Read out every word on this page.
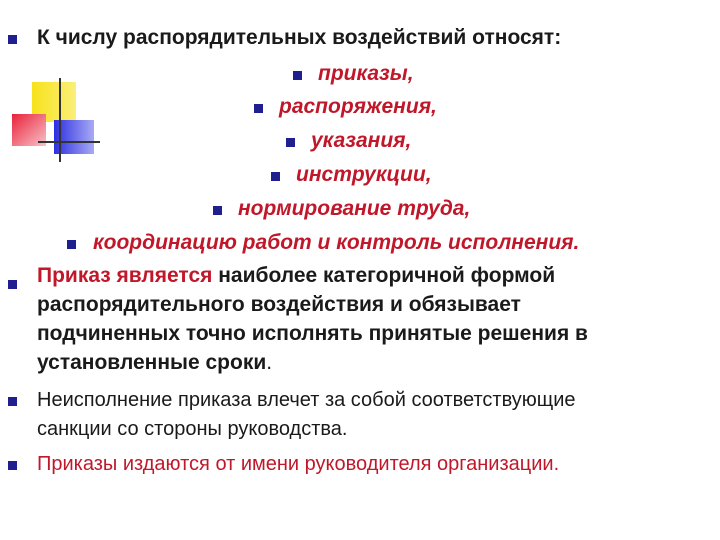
К числу распорядительных воздействий относят:
приказы,
распоряжения,
указания,
инструкции,
нормирование труда,
координацию работ и контроль исполнения.
Приказ является наиболее категоричной формой
распорядительного воздействия и обязывает
подчиненных точно исполнять принятые решения в
установленные сроки.
Неисполнение приказа влечет за собой соответствующие
санкции со стороны руководства.
Приказы издаются от имени руководителя организации.
